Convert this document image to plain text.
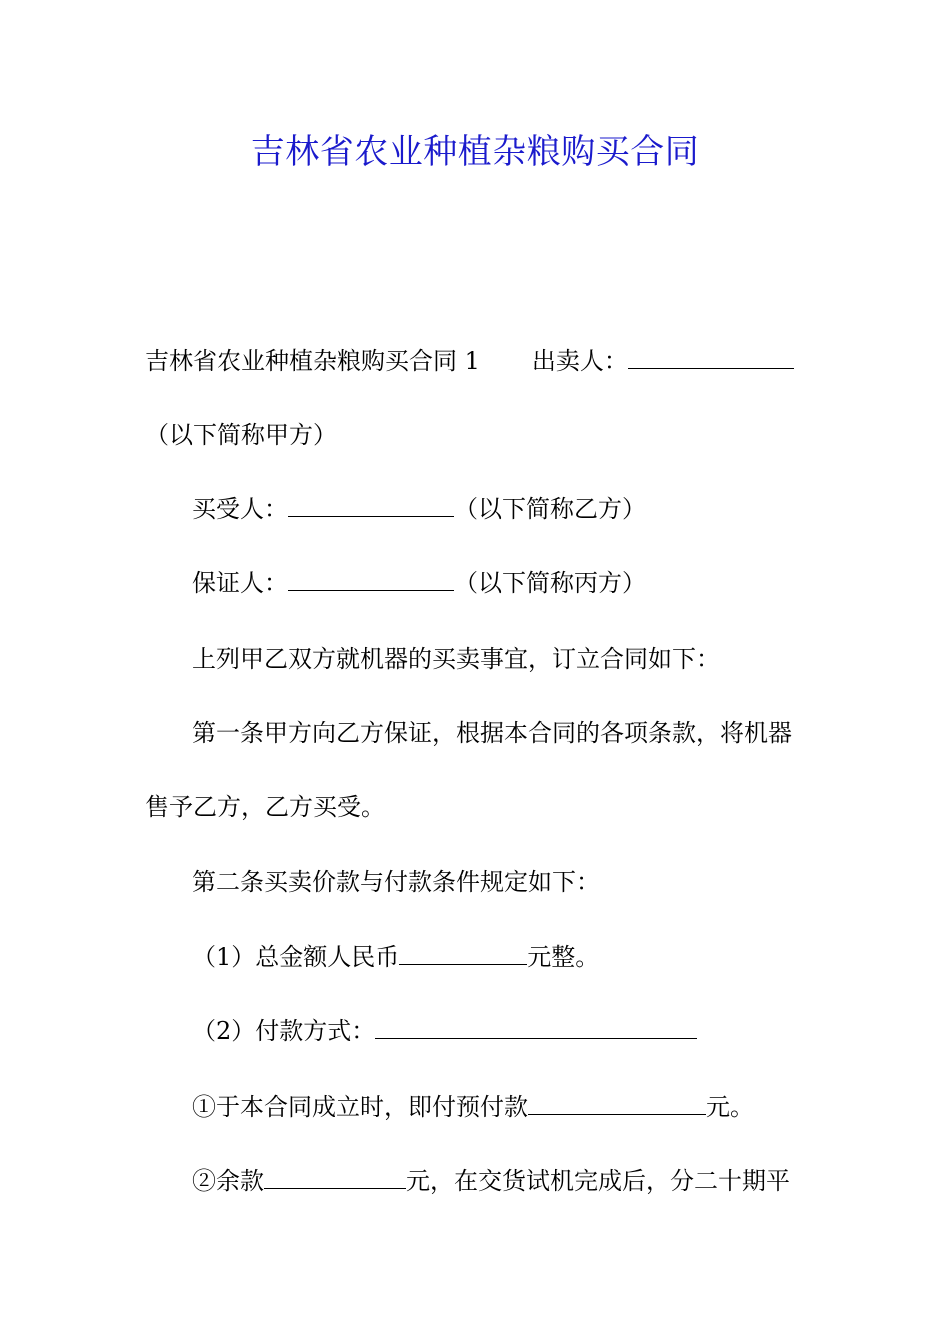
吉林省农业种植杂粮购买合同
吉林省农业种植杂粮购买合同 1 出卖人：
（以下简称甲方）
买受人：	（以下简称乙方）
保证人：	（以下简称丙方）
上列甲乙双方就机器的买卖事宜，订立合同如下：
第一条甲方向乙方保证，根据本合同的各项条款，将机器
售予乙方，乙方买受。
第二条买卖价款与付款条件规定如下：
（1）总金额人民币	元整。
（2）付款方式：
①于本合同成立时，即付预付款	元。
②余款	元，在交货试机完成后，分二十期平
